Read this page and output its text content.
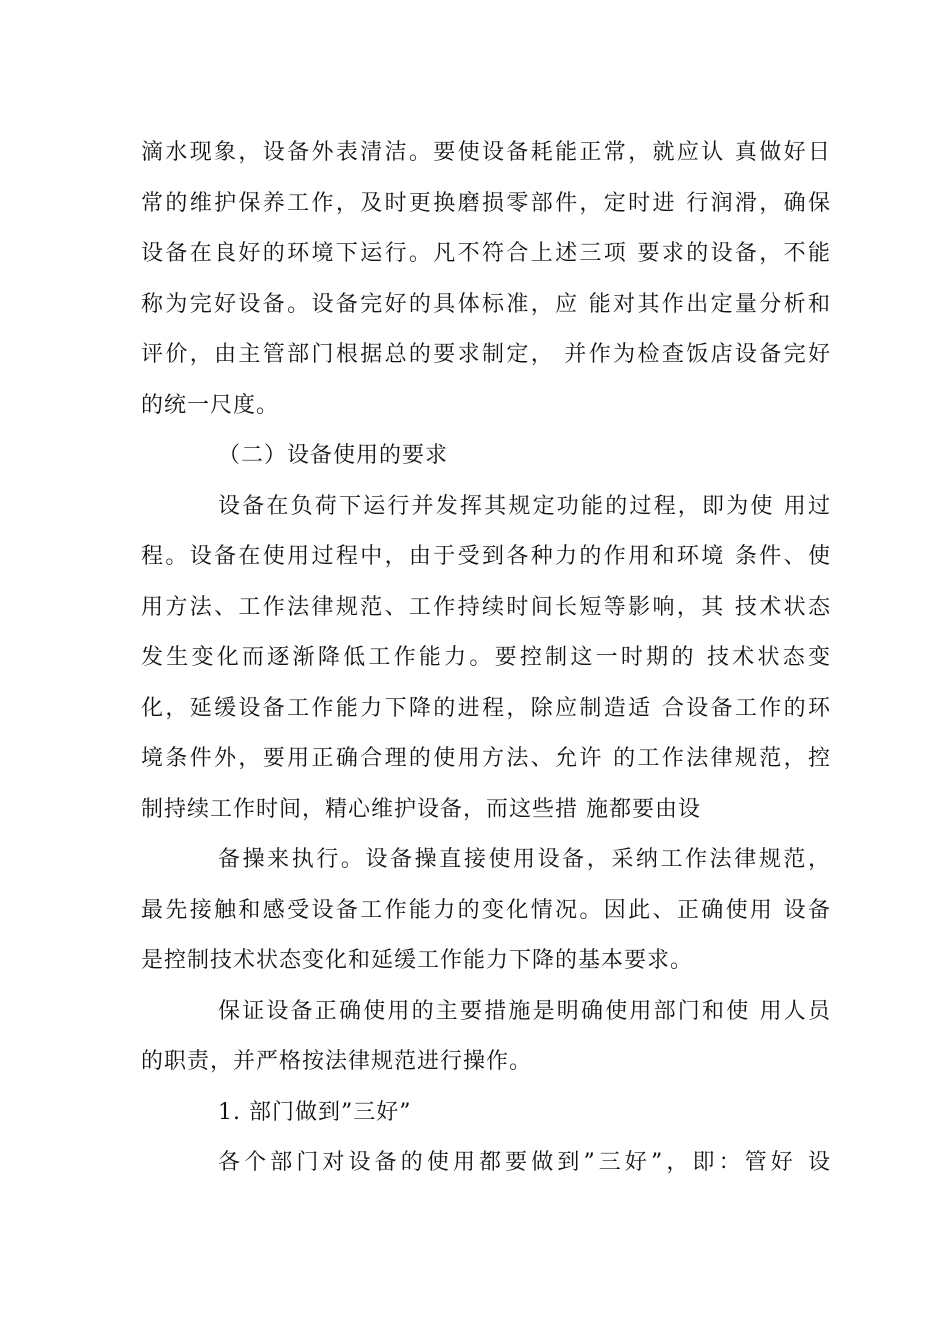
滴水现象，设备外表清洁。要使设备耗能正常，就应认 真做好日
常的维护保养工作，及时更换磨损零部件，定时进 行润滑，确保
设备在良好的环境下运行。凡不符合上述三项 要求的设备，不能
称为完好设备。设备完好的具体标准，应 能对其作出定量分析和
评价，由主管部门根据总的要求制定， 并作为检查饭店设备完好
的统一尺度。
（二）设备使用的要求
设备在负荷下运行并发挥其规定功能的过程，即为使 用过
程。设备在使用过程中，由于受到各种力的作用和环境 条件、使
用方法、工作法律规范、工作持续时间长短等影响，其 技术状态
发生变化而逐渐降低工作能力。要控制这一时期的 技术状态变
化，延缓设备工作能力下降的进程，除应制造适 合设备工作的环
境条件外，要用正确合理的使用方法、允许 的工作法律规范，控
制持续工作时间，精心维护设备，而这些措 施都要由设
备操来执行。设备操直接使用设备，采纳工作法律规范，
最先接触和感受设备工作能力的变化情况。因此、正确使用 设备
是控制技术状态变化和延缓工作能力下降的基本要求。
保证设备正确使用的主要措施是明确使用部门和使 用人员
的职责，并严格按法律规范进行操作。
1. 部门做到”三好”
各个部门对设备的使用都要做到”三好”，即：管好 设
